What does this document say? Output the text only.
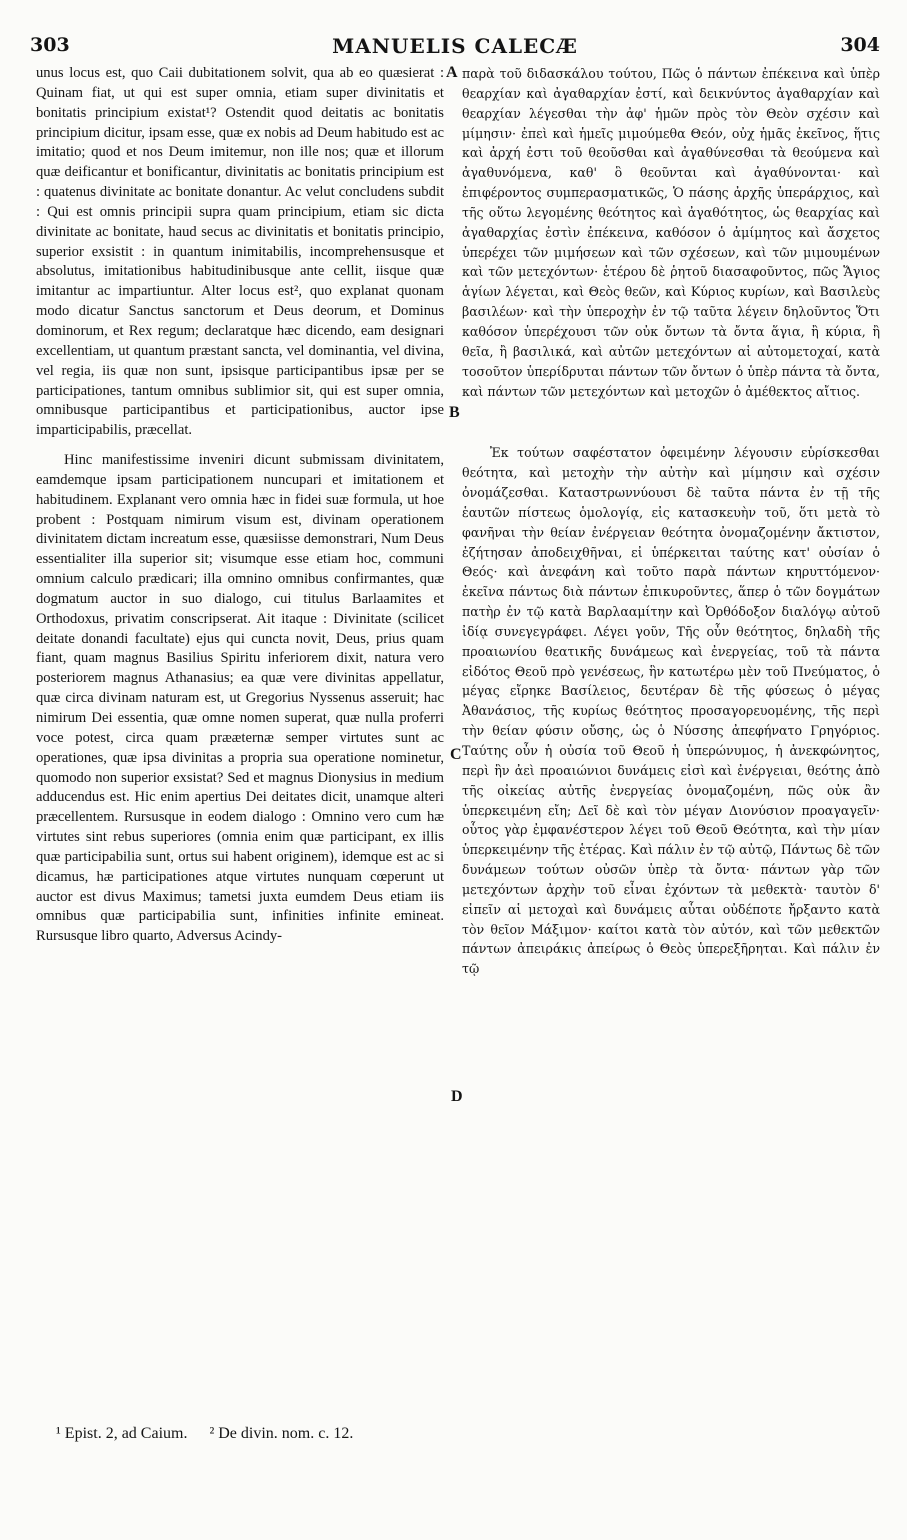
303	MANUELIS CALECÆ	304

unus locus est, quo Caii dubitationem solvit, qua ab eo quæsierat : Quinam fiat, ut qui est super omnia, etiam super divinitatis et bonitatis principium existat¹? Ostendit quod deitatis ac bonitatis principium dicitur, ipsam esse, quæ ex nobis ad Deum habitudo est ac imitatio; quod et nos Deum imitemur, non ille nos; quæ et illorum quæ deificantur et bonificantur, divinitatis ac bonitatis principium est : quatenus divinitate ac bonitate donantur. Ac velut concludens subdit : Qui est omnis principii supra quam principium, etiam sic dicta divinitate ac bonitate, haud secus ac divinitatis et bonitatis principio, superior exsistit : in quantum inimitabilis, incomprehensusque et absolutus, imitationibus habitudinibusque ante cellit, iisque quæ imitantur ac impartiuntur. Alter locus est², quo explanat quonam modo dicatur Sanctus sanctorum et Deus deorum, et Dominus dominorum, et Rex regum; declaratque hæc dicendo, eam designari excellentiam, ut quantum præstant sancta, vel dominantia, vel divina, vel regia, iis quæ non sunt, ipsisque participantibus ipsæ per se participationes, tantum omnibus sublimior sit, qui est super omnia, omnibusque participantibus et participationibus, auctor ipse imparticipabilis, præcellat.

Hinc manifestissime inveniri dicunt submissam divinitatem, eamdemque ipsam participationem nuncupari et imitationem et habitudinem. Explanant vero omnia hæc in fidei suæ formula, ut hoe probent : Postquam nimirum visum est, divinam operationem divinitatem dictam increatum esse, quæsiisse demonstrari, Num Deus essentialiter illa superior sit; visumque esse etiam hoc, communi omnium calculo prædicari; illa omnino omnibus confirmantes, quæ dogmatum auctor in suo dialogo, cui titulus Barlaamites et Orthodoxus, privatim conscripserat. Ait itaque : Divinitate (scilicet deitate donandi facultate) ejus qui cuncta novit, Deus, prius quam fiant, quam magnus Basilius Spiritu inferiorem dixit, natura vero posteriorem magnus Athanasius; ea quæ vere divinitas appellatur, quæ circa divinam naturam est, ut Gregorius Nyssenus asseruit; hac nimirum Dei essentia, quæ omne nomen superat, quæ nulla proferri voce potest, circa quam prææternæ semper virtutes sunt ac operationes, quæ ipsa divinitas a propria sua operatione nominetur, quomodo non superior exsistat? Sed et magnus Dionysius in medium adducendus est. Hic enim apertius Dei deitates dicit, unamque alteri præcellentem. Rursusque in eodem dialogo : Omnino vero cum hæ virtutes sint rebus superiores (omnia enim quæ participant, ex illis quæ participabilia sunt, ortus sui habent originem), idemque est ac si dicamus, hæ participationes atque virtutes nunquam cœperunt ut auctor est divus Maximus; tametsi juxta eumdem Deus etiam iis omnibus quæ participabilia sunt, infinities infinite emineat. Rursusque libro quarto, Adversus Acindy-

παρὰ τοῦ διδασκάλου τούτου, Πῶς ὁ πάντων ἐπέκεινα καὶ ὑπὲρ θεαρχίαν καὶ ἀγαθαρχίαν ἐστί, καὶ δεικνύντος ἀγαθαρχίαν καὶ θεαρχίαν λέγεσθαι τὴν ἀφ' ἡμῶν πρὸς τὸν Θεὸν σχέσιν καὶ μίμησιν· ἐπεὶ καὶ ἡμεῖς μιμούμεθα Θεόν, οὐχ ἡμᾶς ἐκεῖνος, ἥτις καὶ ἀρχή ἐστι τοῦ θεοῦσθαι καὶ ἀγαθύνεσθαι τὰ θεούμενα καὶ ἀγαθυνόμενα, καθ' ὃ θεοῦνται καὶ ἀγαθύνονται· καὶ ἐπιφέροντος συμπερασματικῶς, Ὁ πάσης ἀρχῆς ὑπεράρχιος, καὶ τῆς οὕτω λεγομένης θεότητος καὶ ἀγαθότητος, ὡς θεαρχίας καὶ ἀγαθαρχίας ἐστὶν ἐπέκεινα, καθόσον ὁ ἀμίμητος καὶ ἄσχετος ὑπερέχει τῶν μιμήσεων καὶ τῶν σχέσεων, καὶ τῶν μιμουμένων καὶ τῶν μετεχόντων· ἑτέρου δὲ ῥητοῦ διασαφοῦντος, πῶς Ἅγιος ἁγίων λέγεται, καὶ Θεὸς θεῶν, καὶ Κύριος κυρίων, καὶ Βασιλεὺς βασιλέων· καὶ τὴν ὑπεροχὴν ἐν τῷ ταῦτα λέγειν δηλοῦντος Ὅτι καθόσον ὑπερέχουσι τῶν οὐκ ὄντων τὰ ὄντα ἅγια, ἢ κύρια, ἢ θεῖα, ἢ βασιλικά, καὶ αὐτῶν μετεχόντων αἱ αὐτομετοχαί, κατὰ τοσοῦτον ὑπερίδρυται πάντων τῶν ὄντων ὁ ὑπὲρ πάντα τὰ ὄντα, καὶ πάντων τῶν μετεχόντων καὶ μετοχῶν ὁ ἀμέθεκτος αἴτιος.

Ἐκ τούτων σαφέστατον ὀφειμένην λέγουσιν εὑρίσκεσθαι θεότητα, καὶ μετοχὴν τὴν αὐτὴν καὶ μίμησιν καὶ σχέσιν ὀνομάζεσθαι. Καταστρωννύουσι δὲ ταῦτα πάντα ἐν τῇ τῆς ἑαυτῶν πίστεως ὁμολογίᾳ, εἰς κατασκευὴν τοῦ, ὅτι μετὰ τὸ φανῆναι τὴν θείαν ἐνέργειαν θεότητα ὀνομαζομένην ἄκτιστον, ἐζήτησαν ἀποδειχθῆναι, εἰ ὑπέρκειται ταύτης κατ' οὐσίαν ὁ Θεός· καὶ ἀνεφάνη καὶ τοῦτο παρὰ πάντων κηρυττόμενον· ἐκεῖνα πάντως διὰ πάντων ἐπικυροῦντες, ἅπερ ὁ τῶν δογμάτων πατὴρ ἐν τῷ κατὰ Βαρλααμίτην καὶ Ὀρθόδοξον διαλόγῳ αὐτοῦ ἰδίᾳ συνεγεγράφει. Λέγει γοῦν, Τῆς οὖν θεότητος, δηλαδὴ τῆς προαιωνίου θεατικῆς δυνάμεως καὶ ἐνεργείας, τοῦ τὰ πάντα εἰδότος Θεοῦ πρὸ γενέσεως, ἣν κατωτέρω μὲν τοῦ Πνεύματος, ὁ μέγας εἴρηκε Βασίλειος, δευτέραν δὲ τῆς φύσεως ὁ μέγας Ἀθανάσιος, τῆς κυρίως θεότητος προσαγορευομένης, τῆς περὶ τὴν θείαν φύσιν οὔσης, ὡς ὁ Νύσσης ἀπεφήνατο Γρηγόριος. Ταύτης οὖν ἡ οὐσία τοῦ Θεοῦ ἡ ὑπερώνυμος, ἡ ἀνεκφώνητος, περὶ ἣν ἀεὶ προαιώνιοι δυνάμεις εἰσὶ καὶ ἐνέργειαι, θεότης ἀπὸ τῆς οἰκείας αὐτῆς ἐνεργείας ὀνομαζομένη, πῶς οὐκ ἂν ὑπερκειμένη εἴη; Δεῖ δὲ καὶ τὸν μέγαν Διονύσιον προαγαγεῖν· οὗτος γὰρ ἐμφανέστερον λέγει τοῦ Θεοῦ Θεότητα, καὶ τὴν μίαν ὑπερκειμένην τῆς ἑτέρας. Καὶ πάλιν ἐν τῷ αὐτῷ, Πάντως δὲ τῶν δυνάμεων τούτων οὐσῶν ὑπὲρ τὰ ὄντα· πάντων γὰρ τῶν μετεχόντων ἀρχὴν τοῦ εἶναι ἐχόντων τὰ μεθεκτὰ· ταυτὸν δ' εἰπεῖν αἱ μετοχαὶ καὶ δυνάμεις αὗται οὐδέποτε ἤρξαντο κατὰ τὸν θεῖον Μάξιμον· καίτοι κατὰ τὸν αὐτόν, καὶ τῶν μεθεκτῶν πάντων ἀπειράκις ἀπείρως ὁ Θεὸς ὑπερεξῆρηται. Καὶ πάλιν ἐν τῷ

A
B
C
D
¹ Epist. 2, ad Caium. ² De divin. nom. c. 12.
